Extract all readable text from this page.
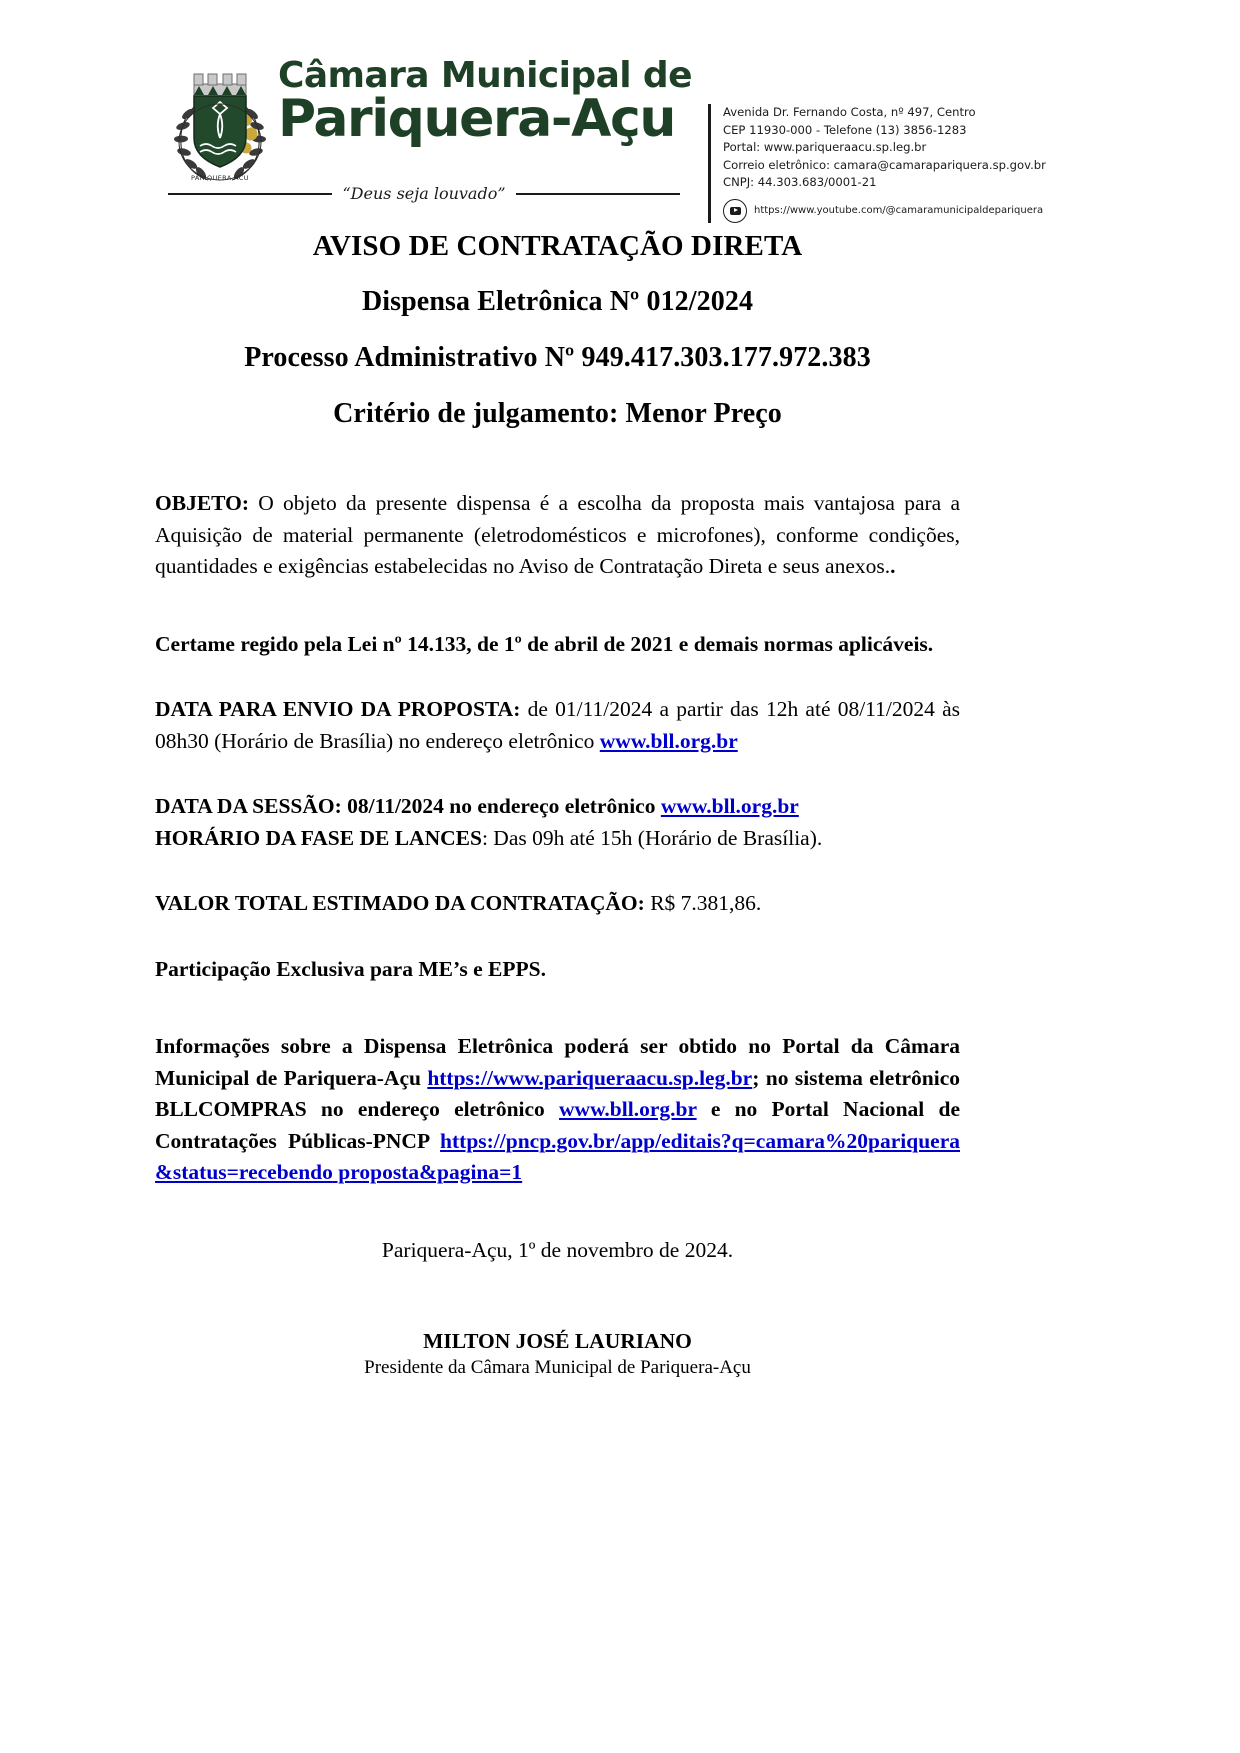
PARIQUERA-ACU
Câmara Municipal de
Pariquera-Açu
“Deus seja louvado”
Avenida Dr. Fernando Costa, nº 497, Centro
CEP 11930-000 - Telefone (13) 3856-1283
Portal: www.pariqueraacu.sp.leg.br
Correio eletrônico: camara@camarapariquera.sp.gov.br
CNPJ: 44.303.683/0001-21
https://www.youtube.com/@camaramunicipaldepariquera
AVISO DE CONTRATAÇÃO DIRETA
Dispensa Eletrônica Nº 012/2024
Processo Administrativo Nº 949.417.303.177.972.383
Critério de julgamento: Menor Preço

OBJETO: O objeto da presente dispensa é a escolha da proposta mais vantajosa para a Aquisição de material permanente (eletrodomésticos e microfones), conforme condições, quantidades e exigências estabelecidas no Aviso de Contratação Direta e seus anexos..

Certame regido pela Lei nº 14.133, de 1º de abril de 2021 e demais normas aplicáveis.

DATA PARA ENVIO DA PROPOSTA: de 01/11/2024 a partir das 12h até 08/11/2024 às 08h30 (Horário de Brasília) no endereço eletrônico www.bll.org.br

DATA DA SESSÃO: 08/11/2024 no endereço eletrônico www.bll.org.br

HORÁRIO DA FASE DE LANCES: Das 09h até 15h (Horário de Brasília).

VALOR TOTAL ESTIMADO DA CONTRATAÇÃO: R$ 7.381,86.

Participação Exclusiva para ME’s e EPPS.

Informações sobre a Dispensa Eletrônica poderá ser obtido no Portal da Câmara Municipal de Pariquera-Açu https://www.pariqueraacu.sp.leg.br; no sistema eletrônico BLLCOMPRAS no endereço eletrônico www.bll.org.br e no Portal Nacional de Contratações Públicas-PNCP https://pncp.gov.br/app/editais?q=camara%20pariquera&status=recebendo proposta&pagina=1

Pariquera-Açu, 1º de novembro de 2024.
MILTON JOSÉ LAURIANO
Presidente da Câmara Municipal de Pariquera-Açu
